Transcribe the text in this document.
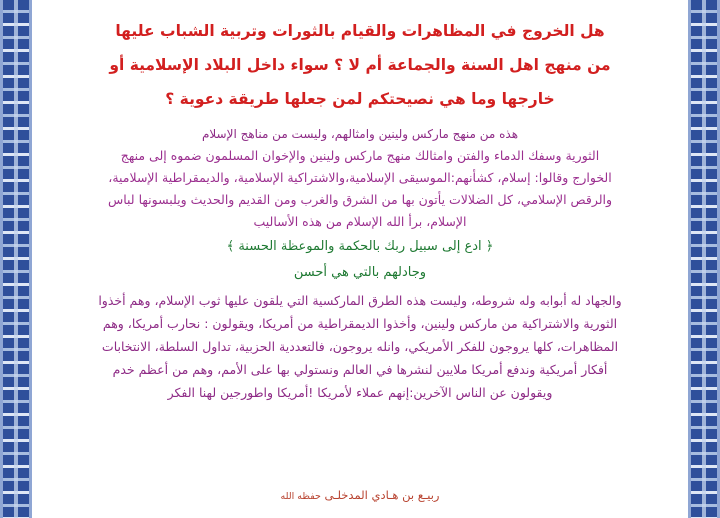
هل الخروج في المظاهرات والقيام بالثورات وتربية الشباب عليها
من منهج اهل السنة والجماعة أم لا ؟ سواء داخل البلاد الإسلامية أو
خارجها وما هي نصيحتكم لمن جعلها طريقة دعوية ؟

هذه من منهج ماركس ولينين وامثالهم، وليست من مناهج الإسلام

الثورية وسفك الدماء والفتن وامثالك منهج ماركس ولينين والإخوان المسلمون ضموه إلى منهج

الخوارج وقالوا: إسلام، كشأنهم:الموسيقى الإسلامية،والاشتراكية الإسلامية، والديمقراطية الإسلامية،

والرقص الإسلامي، كل الضلالات يأتون بها من الشرق والغرب ومن القديم والحديث ويلبسونها لباس

الإسلام، برأ الله الإسلام من هذه الأساليب

﴿ ادع إلى سبيل ربك بالحكمة والموعظة الحسنة ﴾
وجادلهم بالتي هي أحسن

والجهاد له أبوابه وله شروطه، وليست هذه الطرق الماركسية التي يلقون عليها ثوب الإسلام، وهم أخذوا

الثورية والاشتراكية من ماركس ولينين، وأخذوا الديمقراطية من أمريكا، ويقولون : نحارب أمريكا، وهم

المظاهرات، كلها يروجون للفكر الأمريكي، وانله يروجون، فالتعددية الحزبية، تداول السلطة، الانتخابات

أفكار أمريكية وندفع أمريكا ملايين لنشرها في العالم ونستولي بها على الأمم، وهم من أعظم خدم

ويقولون عن الناس الآخرين:إنهم عملاء لأمريكا !أمريكا واطورجين لهنا الفكر

ربيـع بن هـادي المدخلـى حفظه الله
